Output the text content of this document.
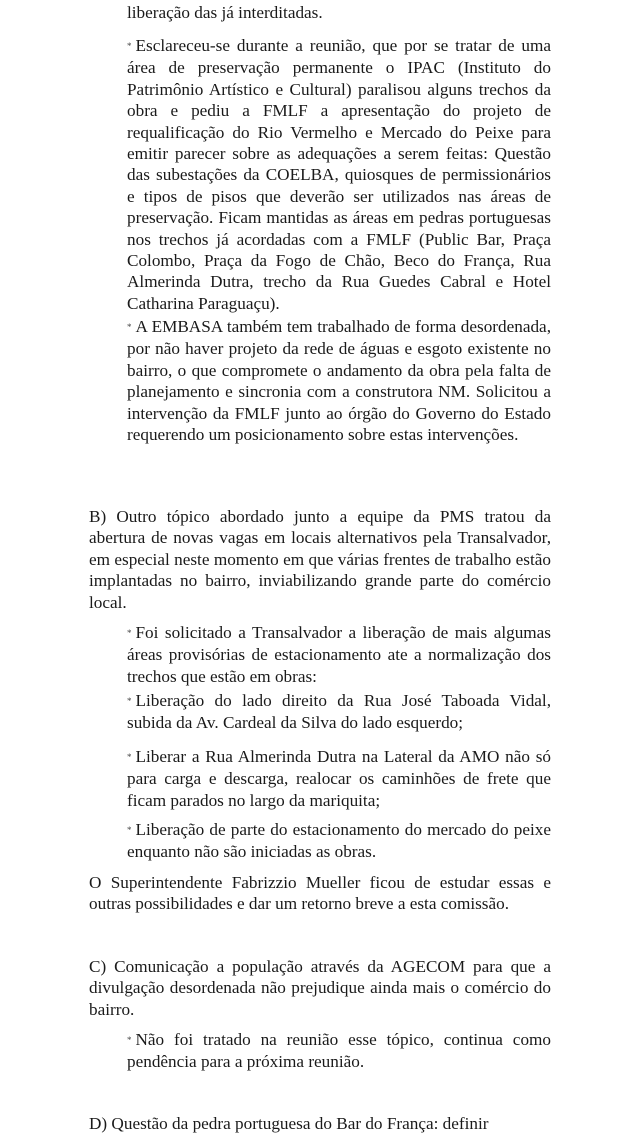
liberação das já interditadas.

* Esclareceu-se durante a reunião, que por se tratar de uma área de preservação permanente o IPAC (Instituto do Patrimônio Artístico e Cultural) paralisou alguns trechos da obra e pediu a FMLF a apresentação do projeto de requalificação do Rio Vermelho e Mercado do Peixe para emitir parecer sobre as adequações a serem feitas: Questão das subestações da COELBA, quiosques de permissionários e tipos de pisos que deverão ser utilizados nas áreas de preservação. Ficam mantidas as áreas em pedras portuguesas nos trechos já acordadas com a FMLF (Public Bar, Praça Colombo, Praça da Fogo de Chão, Beco do França, Rua Almerinda Dutra, trecho da Rua Guedes Cabral e Hotel Catharina Paraguaçu).

* A EMBASA também tem trabalhado de forma desordenada, por não haver projeto da rede de águas e esgoto existente no bairro, o que compromete o andamento da obra pela falta de planejamento e sincronia com a construtora NM. Solicitou a intervenção da FMLF junto ao órgão do Governo do Estado requerendo um posicionamento sobre estas intervenções.

B) Outro tópico abordado junto a equipe da PMS tratou da abertura de novas vagas em locais alternativos pela Transalvador, em especial neste momento em que várias frentes de trabalho estão implantadas no bairro, inviabilizando grande parte do comércio local.

* Foi solicitado a Transalvador a liberação de mais algumas áreas provisórias de estacionamento ate a normalização dos trechos que estão em obras:

* Liberação do lado direito da Rua José Taboada Vidal, subida da Av. Cardeal da Silva do lado esquerdo;

* Liberar a Rua Almerinda Dutra na Lateral da AMO não só para carga e descarga, realocar os caminhões de frete que ficam parados no largo da mariquita;

* Liberação de parte do estacionamento do mercado do peixe enquanto não são iniciadas as obras.

O Superintendente Fabrizzio Mueller ficou de estudar essas e outras possibilidades e dar um retorno breve a esta comissão.

C) Comunicação a população através da AGECOM para que a divulgação desordenada não prejudique ainda mais o comércio do bairro.

* Não foi tratado na reunião esse tópico, continua como pendência para a próxima reunião.

D) Questão da pedra portuguesa do Bar do França: definir
